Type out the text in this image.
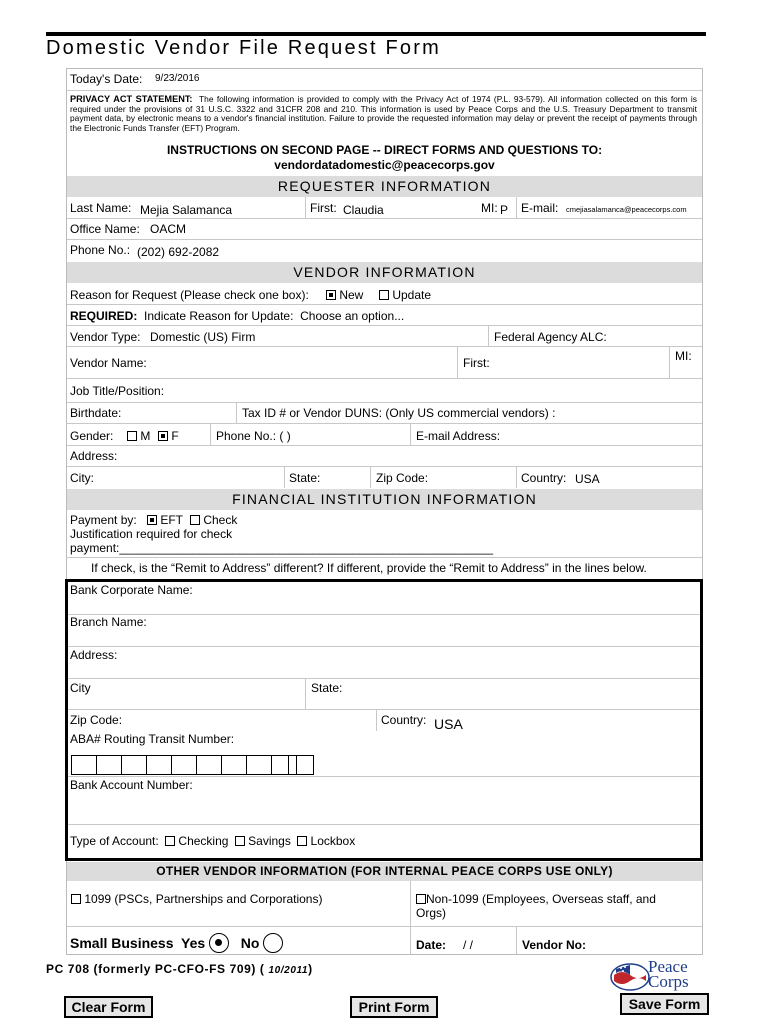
Domestic Vendor File Request Form
Today's Date: 9/23/2016
PRIVACY ACT STATEMENT: The following information is provided to comply with the Privacy Act of 1974 (P.L. 93-579). All information collected on this form is required under the provisions of 31 U.S.C. 3322 and 31CFR 208 and 210. This information is used by Peace Corps and the U.S. Treasury Department to transmit payment data, by electronic means to a vendor's financial institution. Failure to provide the requested information may delay or prevent the receipt of payments through the Electronic Funds Transfer (EFT) Program.
INSTRUCTIONS ON SECOND PAGE -- DIRECT FORMS AND QUESTIONS TO:
vendordatadomestic@peacecorps.gov
REQUESTER INFORMATION
Last Name: Mejia Salamanca	First: Claudia	MI: P E-mail: cmejiasalamanca@peacecorps.com
Office Name: OACM
Phone No.: (202) 692-2082
VENDOR INFORMATION
Reason for Request (Please check one box):	New	Update
REQUIRED: Indicate Reason for Update: Choose an option...
Vendor Type: Domestic (US) Firm	Federal Agency ALC:
Vendor Name:	First:	MI:
Job Title/Position:
Birthdate:	Tax ID # or Vendor DUNS: (Only US commercial vendors) :
Gender:	M	F	Phone No.: ( )	E-mail Address:
Address:
City:	State:	Zip Code:	Country: USA
FINANCIAL INSTITUTION INFORMATION
Payment by:	EFT	Check
Justification required for check
payment:________________________________________________________
If check, is the “Remit to Address” different? If different, provide the “Remit to Address” in the lines below.
Bank Corporate Name:
Branch Name:
Address:
City	State:
Zip Code:	Country: USA
ABA# Routing Transit Number:
Bank Account Number:
Type of Account: Checking Savings Lockbox
OTHER VENDOR INFORMATION (FOR INTERNAL PEACE CORPS USE ONLY)
1099 (PSCs, Partnerships and Corporations)	Non-1099 (Employees, Overseas staff, and
Orgs)
Small Business Yes	No	Date: / /	Vendor No:
PC 708 (formerly PC-CFO-FS 709) ( 10/2011)	Peace
Corps
Clear Form	Print Form	Save Form
